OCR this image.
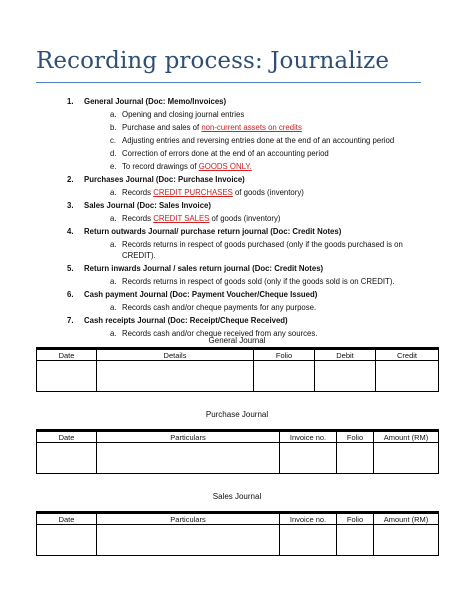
Recording process: Journalize
1. General Journal (Doc: Memo/Invoices)
a. Opening and closing journal entries
b. Purchase and sales of non-current assets on credits
c. Adjusting entries and reversing entries done at the end of an accounting period
d. Correction of errors done at the end of an accounting period
e. To record drawings of GOODS ONLY.
2. Purchases Journal (Doc: Purchase Invoice)
a. Records CREDIT PURCHASES of goods (inventory)
3. Sales Journal (Doc: Sales Invoice)
a. Records CREDIT SALES of goods (inventory)
4. Return outwards Journal/ purchase return journal (Doc: Credit Notes)
a. Records returns in respect of goods purchased (only if the goods purchased is on CREDIT).
5. Return inwards Journal / sales return journal (Doc: Credit Notes)
a. Records returns in respect of goods sold (only if the goods sold is on CREDIT).
6. Cash payment Journal (Doc: Payment Voucher/Cheque Issued)
a. Records cash and/or cheque payments for any purpose.
7. Cash receipts Journal (Doc: Receipt/Cheque Received)
a. Records cash and/or cheque received from any sources.
General Journal
Date	Details	Folio	Debit	Credit

Purchase Journal
Date	Particulars	Invoice no.	Folio	Amount (RM)

Sales Journal
Date	Particulars	Invoice no.	Folio	Amount (RM)
